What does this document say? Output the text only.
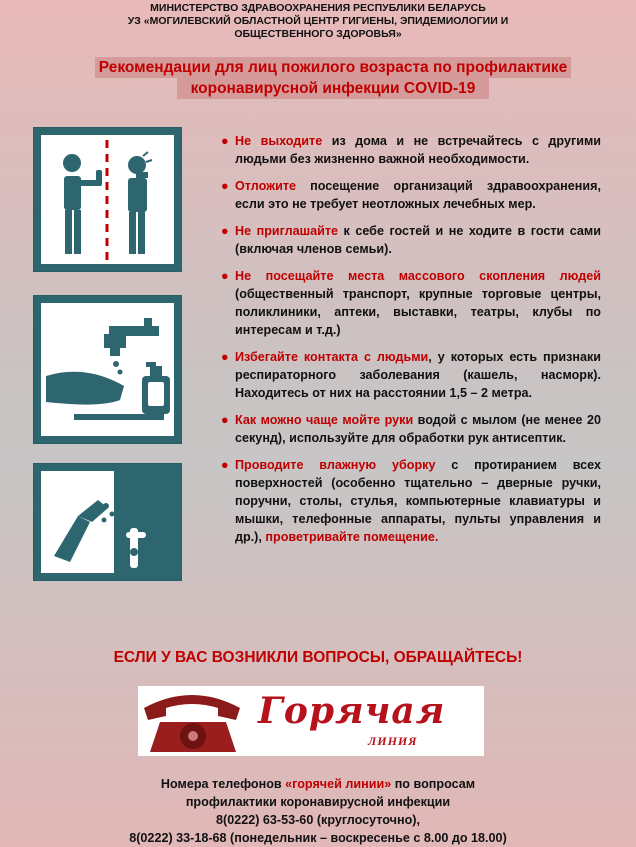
МИНИСТЕРСТВО ЗДРАВООХРАНЕНИЯ РЕСПУБЛИКИ БЕЛАРУСЬ
УЗ «МОГИЛЕВСКИЙ ОБЛАСТНОЙ ЦЕНТР ГИГИЕНЫ, ЭПИДЕМИОЛОГИИ И
ОБЩЕСТВЕННОГО ЗДОРОВЬЯ»
Рекомендации для лиц пожилого возраста по профилактике
коронавирусной инфекции COVID-19
● Не выходите из дома и не встречайтесь с другими людьми без жизненно важной необходимости.
● Отложите посещение организаций здравоохранения, если это не требует неотложных лечебных мер.
● Не приглашайте к себе гостей и не ходите в гости сами (включая членов семьи).
● Не посещайте места массового скопления людей (общественный транспорт, крупные торговые центры, поликлиники, аптеки, выставки, театры, клубы по интересам и т.д.)
● Избегайте контакта с людьми, у которых есть признаки респираторного заболевания (кашель, насморк). Находитесь от них на расстоянии 1,5 – 2 метра.
● Как можно чаще мойте руки водой с мылом (не менее 20 секунд), используйте для обработки рук антисептик.
● Проводите влажную уборку с протиранием всех поверхностей (особенно тщательно – дверные ручки, поручни, столы, стулья, компьютерные клавиатуры и мышки, телефонные аппараты, пульты управления и др.), проветривайте помещение.
ЕСЛИ У ВАС ВОЗНИКЛИ ВОПРОСЫ, ОБРАЩАЙТЕСЬ!
Горячая
ЛИНИЯ
Номера телефонов «горячей линии» по вопросам
профилактики коронавирусной инфекции
8(0222) 63-53-60 (круглосуточно),
8(0222) 33-18-68 (понедельник – воскресенье с 8.00 до 18.00)
